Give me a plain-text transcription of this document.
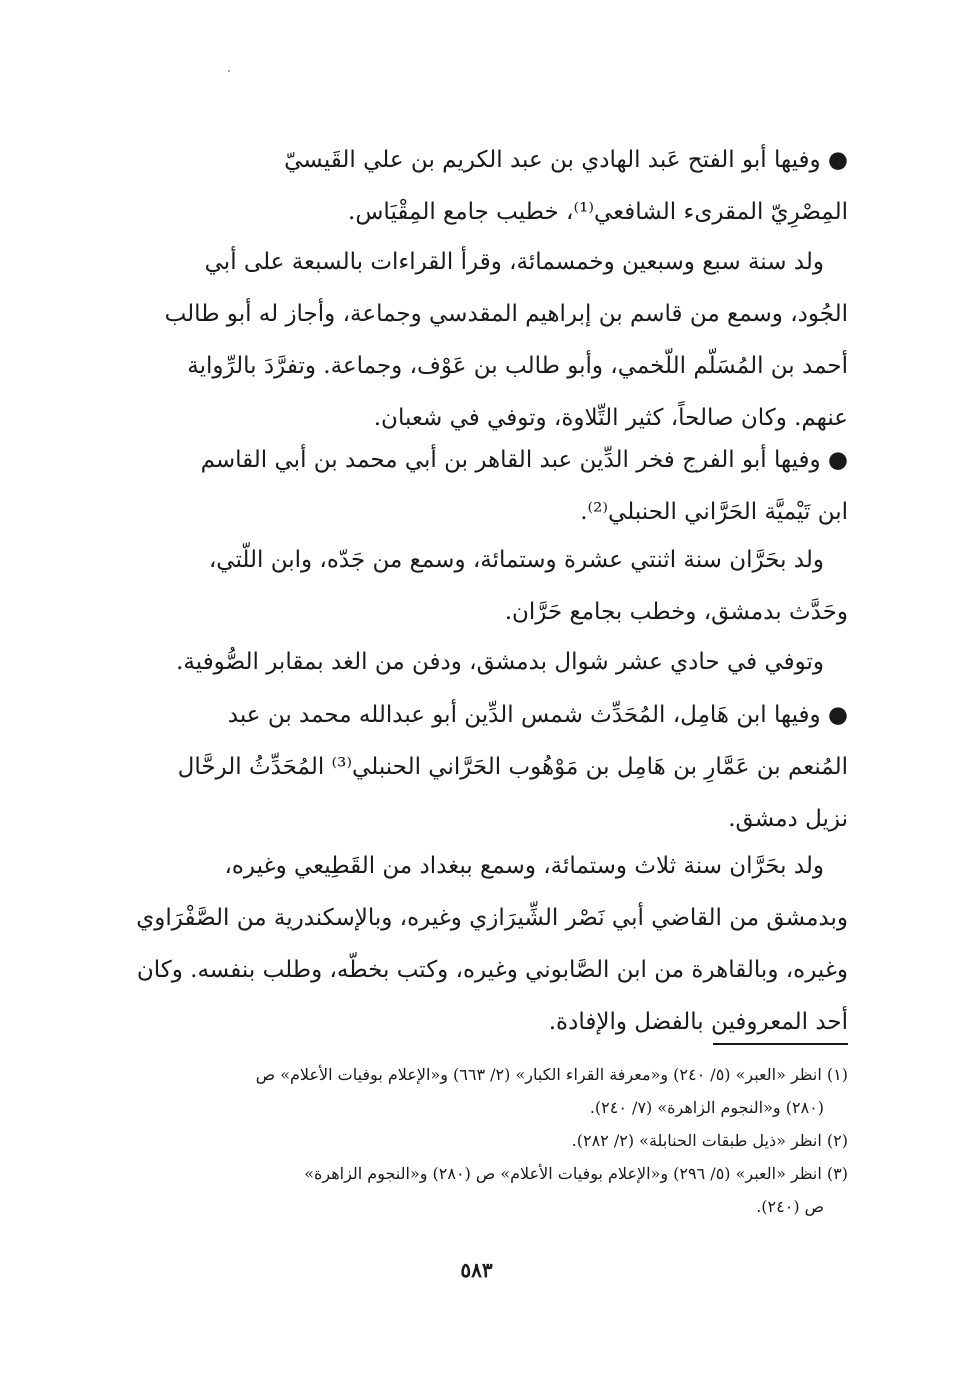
● وفيها أبو الفتح عَبد الهادي بن عبد الكريم بن علي القَيسيّ
المِصْرِيّ المقرىء الشافعي⁽¹⁾، خطيب جامع المِقْيَاس.
ولد سنة سبع وسبعين وخمسمائة، وقرأ القراءات بالسبعة على أبي
الجُود، وسمع من قاسم بن إبراهيم المقدسي وجماعة، وأجاز له أبو طالب
أحمد بن المُسَلّم اللّخمي، وأبو طالب بن عَوْف، وجماعة. وتفرَّدَ بالرِّواية
عنهم. وكان صالحاً، كثير التِّلاوة، وتوفي في شعبان.
● وفيها أبو الفرج فخر الدِّين عبد القاهر بن أبي محمد بن أبي القاسم
ابن تَيْميَّة الحَرَّاني الحنبلي⁽²⁾.
ولد بحَرَّان سنة اثنتي عشرة وستمائة، وسمع من جَدّه، وابن اللّتي،
وحَدَّث بدمشق، وخطب بجامع حَرَّان.
وتوفي في حادي عشر شوال بدمشق، ودفن من الغد بمقابر الصُّوفية.
● وفيها ابن هَامِل، المُحَدِّث شمس الدِّين أبو عبدالله محمد بن عبد
المُنعم بن عَمَّارِ بن هَامِل بن مَوْهُوب الحَرَّاني الحنبلي⁽³⁾ المُحَدِّثُ الرحَّال
نزيل دمشق.
ولد بحَرَّان سنة ثلاث وستمائة، وسمع ببغداد من القَطِيعي وغيره،
وبدمشق من القاضي أبي نَصْر الشِّيرَازي وغيره، وبالإسكندرية من الصَّفْرَاوي
وغيره، وبالقاهرة من ابن الصَّابوني وغيره، وكتب بخطّه، وطلب بنفسه. وكان
أحد المعروفين بالفضل والإفادة.

(١) انظر «العبر» (٥/ ٢٤٠) و«معرفة القراء الكبار» (٢/ ٦٦٣) و«الإعلام بوفيات الأعلام» ص

(٢٨٠) و«النجوم الزاهرة» (٧/ ٢٤٠).

(٢) انظر «ذيل طبقات الحنابلة» (٢/ ٢٨٢).

(٣) انظر «العبر» (٥/ ٢٩٦) و«الإعلام بوفيات الأعلام» ص (٢٨٠) و«النجوم الزاهرة»

ص (٢٤٠).

٥٨٣
